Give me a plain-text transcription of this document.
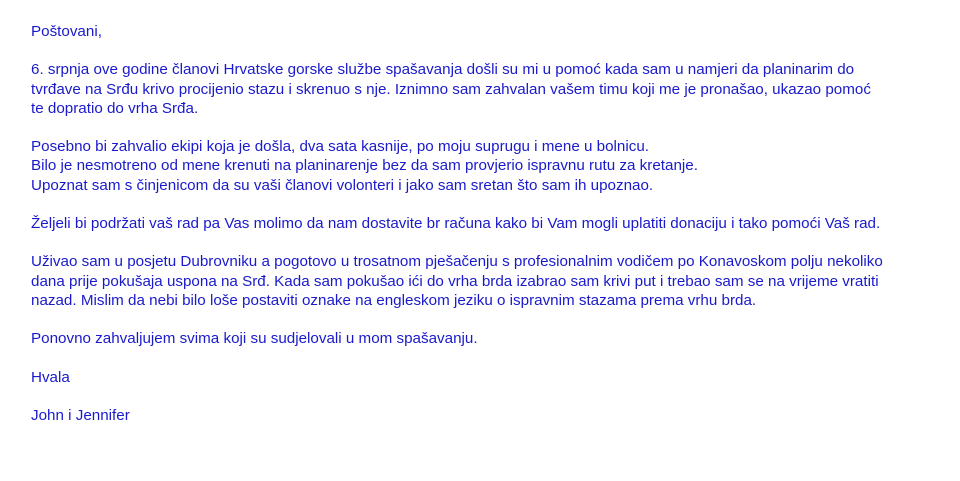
Poštovani,
6. srpnja ove godine članovi Hrvatske gorske službe spašavanja došli su mi u pomoć kada sam u namjeri da planinarim do
tvrđave na Srđu krivo procijenio stazu i skrenuo s nje. Iznimno sam zahvalan vašem timu koji me je pronašao, ukazao pomoć
te dopratio do vrha Srđa.
Posebno bi zahvalio ekipi koja je došla, dva sata kasnije, po moju suprugu i mene u bolnicu.
Bilo je nesmotreno od mene krenuti na planinarenje bez da sam provjerio ispravnu rutu za kretanje.
Upoznat sam s činjenicom da su vaši članovi volonteri i jako sam sretan što sam ih upoznao.
Željeli bi podržati vaš rad pa Vas molimo da nam dostavite br računa kako bi Vam mogli uplatiti donaciju i tako pomoći Vaš rad.
Uživao sam u posjetu Dubrovniku a pogotovo u trosatnom pješačenju s profesionalnim vodičem po Konavoskom polju nekoliko
dana prije pokušaja uspona na Srđ. Kada sam pokušao ići do vrha brda izabrao sam krivi put i trebao sam se na vrijeme vratiti
nazad. Mislim da nebi bilo loše postaviti oznake na engleskom jeziku o ispravnim stazama prema vrhu brda.
Ponovno zahvaljujem svima koji su sudjelovali u mom spašavanju.
Hvala
John i Jennifer
